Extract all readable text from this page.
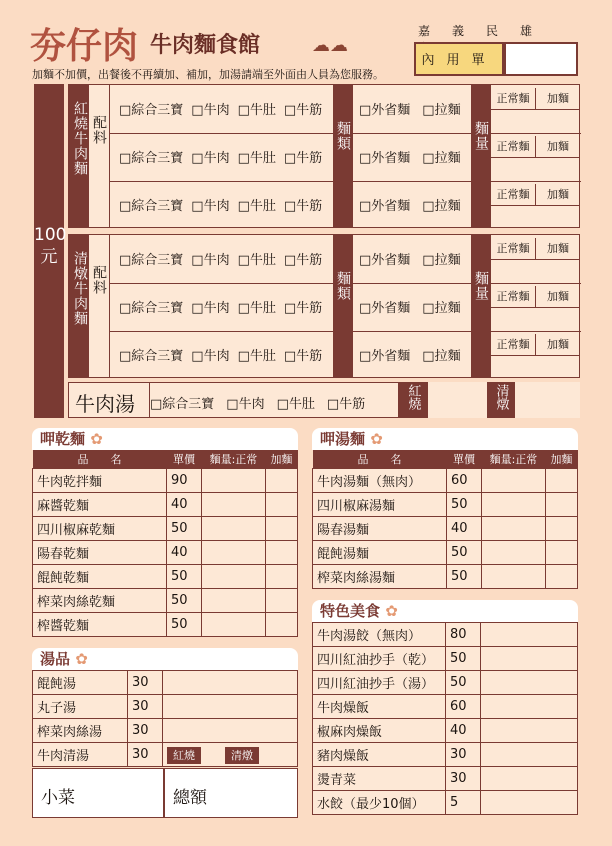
夯仔肉 牛肉麵食館	☁☁
嘉義民雄
內用單
加麵不加價，出餐後不再續加、補加，加湯請端至外面由人員為您服務。
100元
紅燒牛肉麵 配料	麵類	麵量
□綜合三寶 □牛肉 □牛肚 □牛筋	□外省麵 □拉麵
正常麵	加麵
□綜合三寶 □牛肉 □牛肚 □牛筋	□外省麵 □拉麵
正常麵	加麵
□綜合三寶 □牛肉 □牛肚 □牛筋	□外省麵 □拉麵
正常麵	加麵
清燉牛肉麵 配料	麵類	麵量
□綜合三寶 □牛肉 □牛肚 □牛筋	□外省麵 □拉麵
正常麵	加麵
□綜合三寶 □牛肉 □牛肚 □牛筋	□外省麵 □拉麵
正常麵	加麵
□綜合三寶 □牛肉 □牛肚 □牛筋	□外省麵 □拉麵
正常麵	加麵
牛肉湯	紅燒	清燉
□綜合三寶 □牛肉 □牛肚 □牛筋
呷乾麵 ✿
品　　名	單價	麵量:正常	加麵
牛肉乾拌麵	90		
麻醬乾麵	40		
四川椒麻乾麵	50		
陽春乾麵	40		
餛飩乾麵	50		
榨菜肉絲乾麵	50		
榨醬乾麵	50		
呷湯麵 ✿
品　　名	單價	麵量:正常	加麵
牛肉湯麵（無肉）	60		
四川椒麻湯麵	50		
陽春湯麵	40		
餛飩湯麵	50		
榨菜肉絲湯麵	50		
特色美食 ✿
牛肉湯餃（無肉）	80	
四川紅油抄手（乾）	50	
四川紅油抄手（湯）	50	
牛肉燥飯	60	
椒麻肉燥飯	40	
豬肉燥飯	30	
燙青菜	30	
水餃（最少10個）	5	
湯品 ✿
餛飩湯	30	
丸子湯	30	
榨菜肉絲湯	30	
牛肉清湯	30	紅燒 清燉
小菜	總額
